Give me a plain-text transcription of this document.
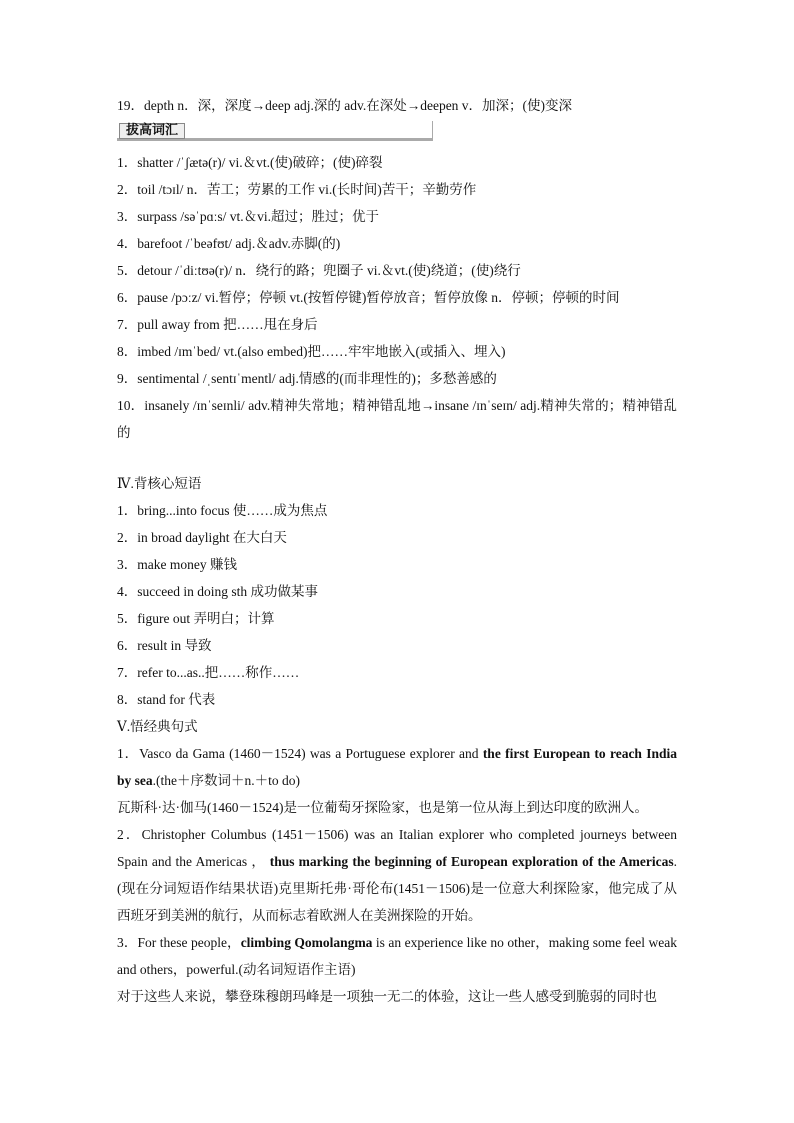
19．depth n．深，深度→deep adj.深的 adv.在深处→deepen v．加深；(使)变深
拔高词汇
1．shatter /ˈʃætə(r)/ vi.＆vt.(使)破碎；(使)碎裂
2．toil /tɔɪl/ n．苦工；劳累的工作 vi.(长时间)苦干；辛勤劳作
3．surpass /səˈpɑːs/ vt.＆vi.超过；胜过；优于
4．barefoot /ˈbeəfʊt/ adj.＆adv.赤脚(的)
5．detour /ˈdiːtʊə(r)/ n．绕行的路；兜圈子 vi.＆vt.(使)绕道；(使)绕行
6．pause /pɔːz/ vi.暂停；停顿 vt.(按暂停键)暂停放音；暂停放像 n．停顿；停顿的时间
7．pull away from 把……甩在身后
8．imbed /ɪmˈbed/ vt.(also embed)把……牢牢地嵌入(或插入、埋入)
9．sentimental /ˌsentɪˈmentl/ adj.情感的(而非理性的)；多愁善感的
10．insanely /ɪnˈseɪnli/ adv.精神失常地；精神错乱地→insane /ɪnˈseɪn/ adj.精神失常的；精神错乱的
Ⅳ.背核心短语
1．bring...into focus 使……成为焦点
2．in broad daylight 在大白天
3．make money 赚钱
4．succeed in doing sth 成功做某事
5．figure out 弄明白；计算
6．result in 导致
7．refer to...as..把……称作……
8．stand for 代表
Ⅴ.悟经典句式
1．Vasco da Gama (1460－1524) was a Portuguese explorer and the first European to reach India by sea.(the＋序数词＋n.＋to do)
瓦斯科·达·伽马(1460－1524)是一位葡萄牙探险家，也是第一位从海上到达印度的欧洲人。
2．Christopher Columbus (1451－1506) was an Italian explorer who completed journeys between Spain and the Americas ， thus marking the beginning of European exploration of the Americas.(现在分词短语作结果状语)克里斯托弗·哥伦布(1451－1506)是一位意大利探险家，他完成了从西班牙到美洲的航行，从而标志着欧洲人在美洲探险的开始。
3．For these people，climbing Qomolangma is an experience like no other，making some feel weak and others，powerful.(动名词短语作主语)
对于这些人来说，攀登珠穆朗玛峰是一项独一无二的体验，这让一些人感受到脆弱的同时也
